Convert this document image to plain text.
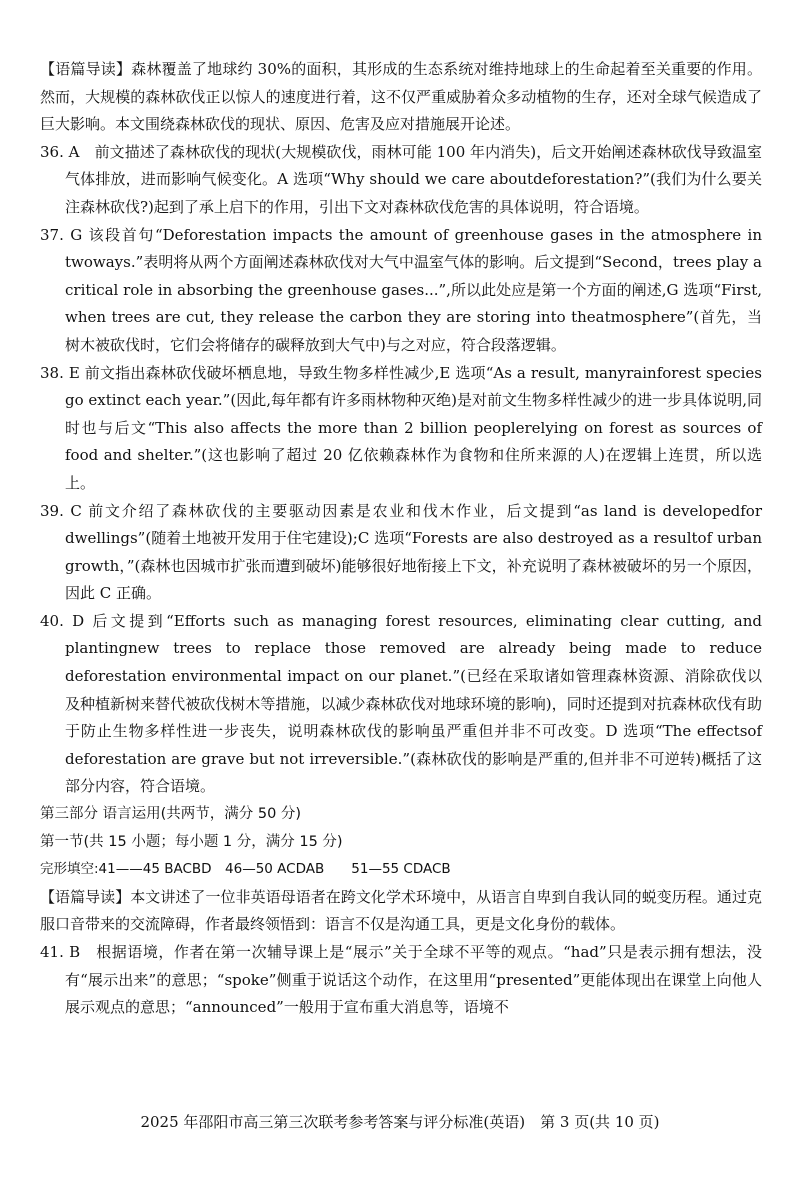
【语篇导读】森林覆盖了地球约 30%的面积，其形成的生态系统对维持地球上的生命起着至关重要的作用。然而，大规模的森林砍伐正以惊人的速度进行着，这不仅严重威胁着众多动植物的生存，还对全球气候造成了巨大影响。本文围绕森林砍伐的现状、原因、危害及应对措施展开论述。

36. A　前文描述了森林砍伐的现状(大规模砍伐，雨林可能 100 年内消失)，后文开始阐述森林砍伐导致温室气体排放，进而影响气候变化。A 选项“Why should we care aboutdeforestation?”(我们为什么要关注森林砍伐?)起到了承上启下的作用，引出下文对森林砍伐危害的具体说明，符合语境。

37. G 该段首句“Deforestation impacts the amount of greenhouse gases in the atmosphere in twoways.”表明将从两个方面阐述森林砍伐对大气中温室气体的影响。后文提到“Second，trees play a critical role in absorbing the greenhouse gases...”,所以此处应是第一个方面的阐述,G 选项“First, when trees are cut, they release the carbon they are storing into theatmosphere”(首先，当树木被砍伐时，它们会将储存的碳释放到大气中)与之对应，符合段落逻辑。

38. E 前文指出森林砍伐破坏栖息地，导致生物多样性减少,E 选项“As a result, manyrainforest species go extinct each year.”(因此,每年都有许多雨林物种灭绝)是对前文生物多样性减少的进一步具体说明,同时也与后文“This also affects the more than 2 billion peoplerelying on forest as sources of food and shelter.”(这也影响了超过 20 亿依赖森林作为食物和住所来源的人)在逻辑上连贯，所以选上。

39. C 前文介绍了森林砍伐的主要驱动因素是农业和伐木作业，后文提到“as land is developedfor dwellings”(随着土地被开发用于住宅建设);C 选项“Forests are also destroyed as a resultof urban growth，”(森林也因城市扩张而遭到破坏)能够很好地衔接上下文，补充说明了森林被破坏的另一个原因，因此 C 正确。

40. D 后文提到“Efforts such as managing forest resources, eliminating clear cutting, and plantingnew trees to replace those removed are already being made to reduce deforestation environmental impact on our planet.”(已经在采取诸如管理森林资源、消除砍伐以及种植新树来替代被砍伐树木等措施，以减少森林砍伐对地球环境的影响)，同时还提到对抗森林砍伐有助于防止生物多样性进一步丧失，说明森林砍伐的影响虽严重但并非不可改变。D 选项“The effectsof deforestation are grave but not irreversible.”(森林砍伐的影响是严重的,但并非不可逆转)概括了这部分内容，符合语境。

第三部分 语言运用(共两节，满分 50 分)

第一节(共 15 小题；每小题 1 分，满分 15 分)

完形填空:41——45 BACBD　46—50 ACDAB　　51—55 CDACB

【语篇导读】本文讲述了一位非英语母语者在跨文化学术环境中，从语言自卑到自我认同的蜕变历程。通过克服口音带来的交流障碍，作者最终领悟到：语言不仅是沟通工具，更是文化身份的载体。

41. B　根据语境，作者在第一次辅导课上是“展示”关于全球不平等的观点。“had”只是表示拥有想法，没有“展示出来”的意思；“spoke”侧重于说话这个动作，在这里用“presented”更能体现出在课堂上向他人展示观点的意思；“announced”一般用于宣布重大消息等，语境不

2025 年邵阳市高三第三次联考参考答案与评分标准(英语)　第 3 页(共 10 页)
